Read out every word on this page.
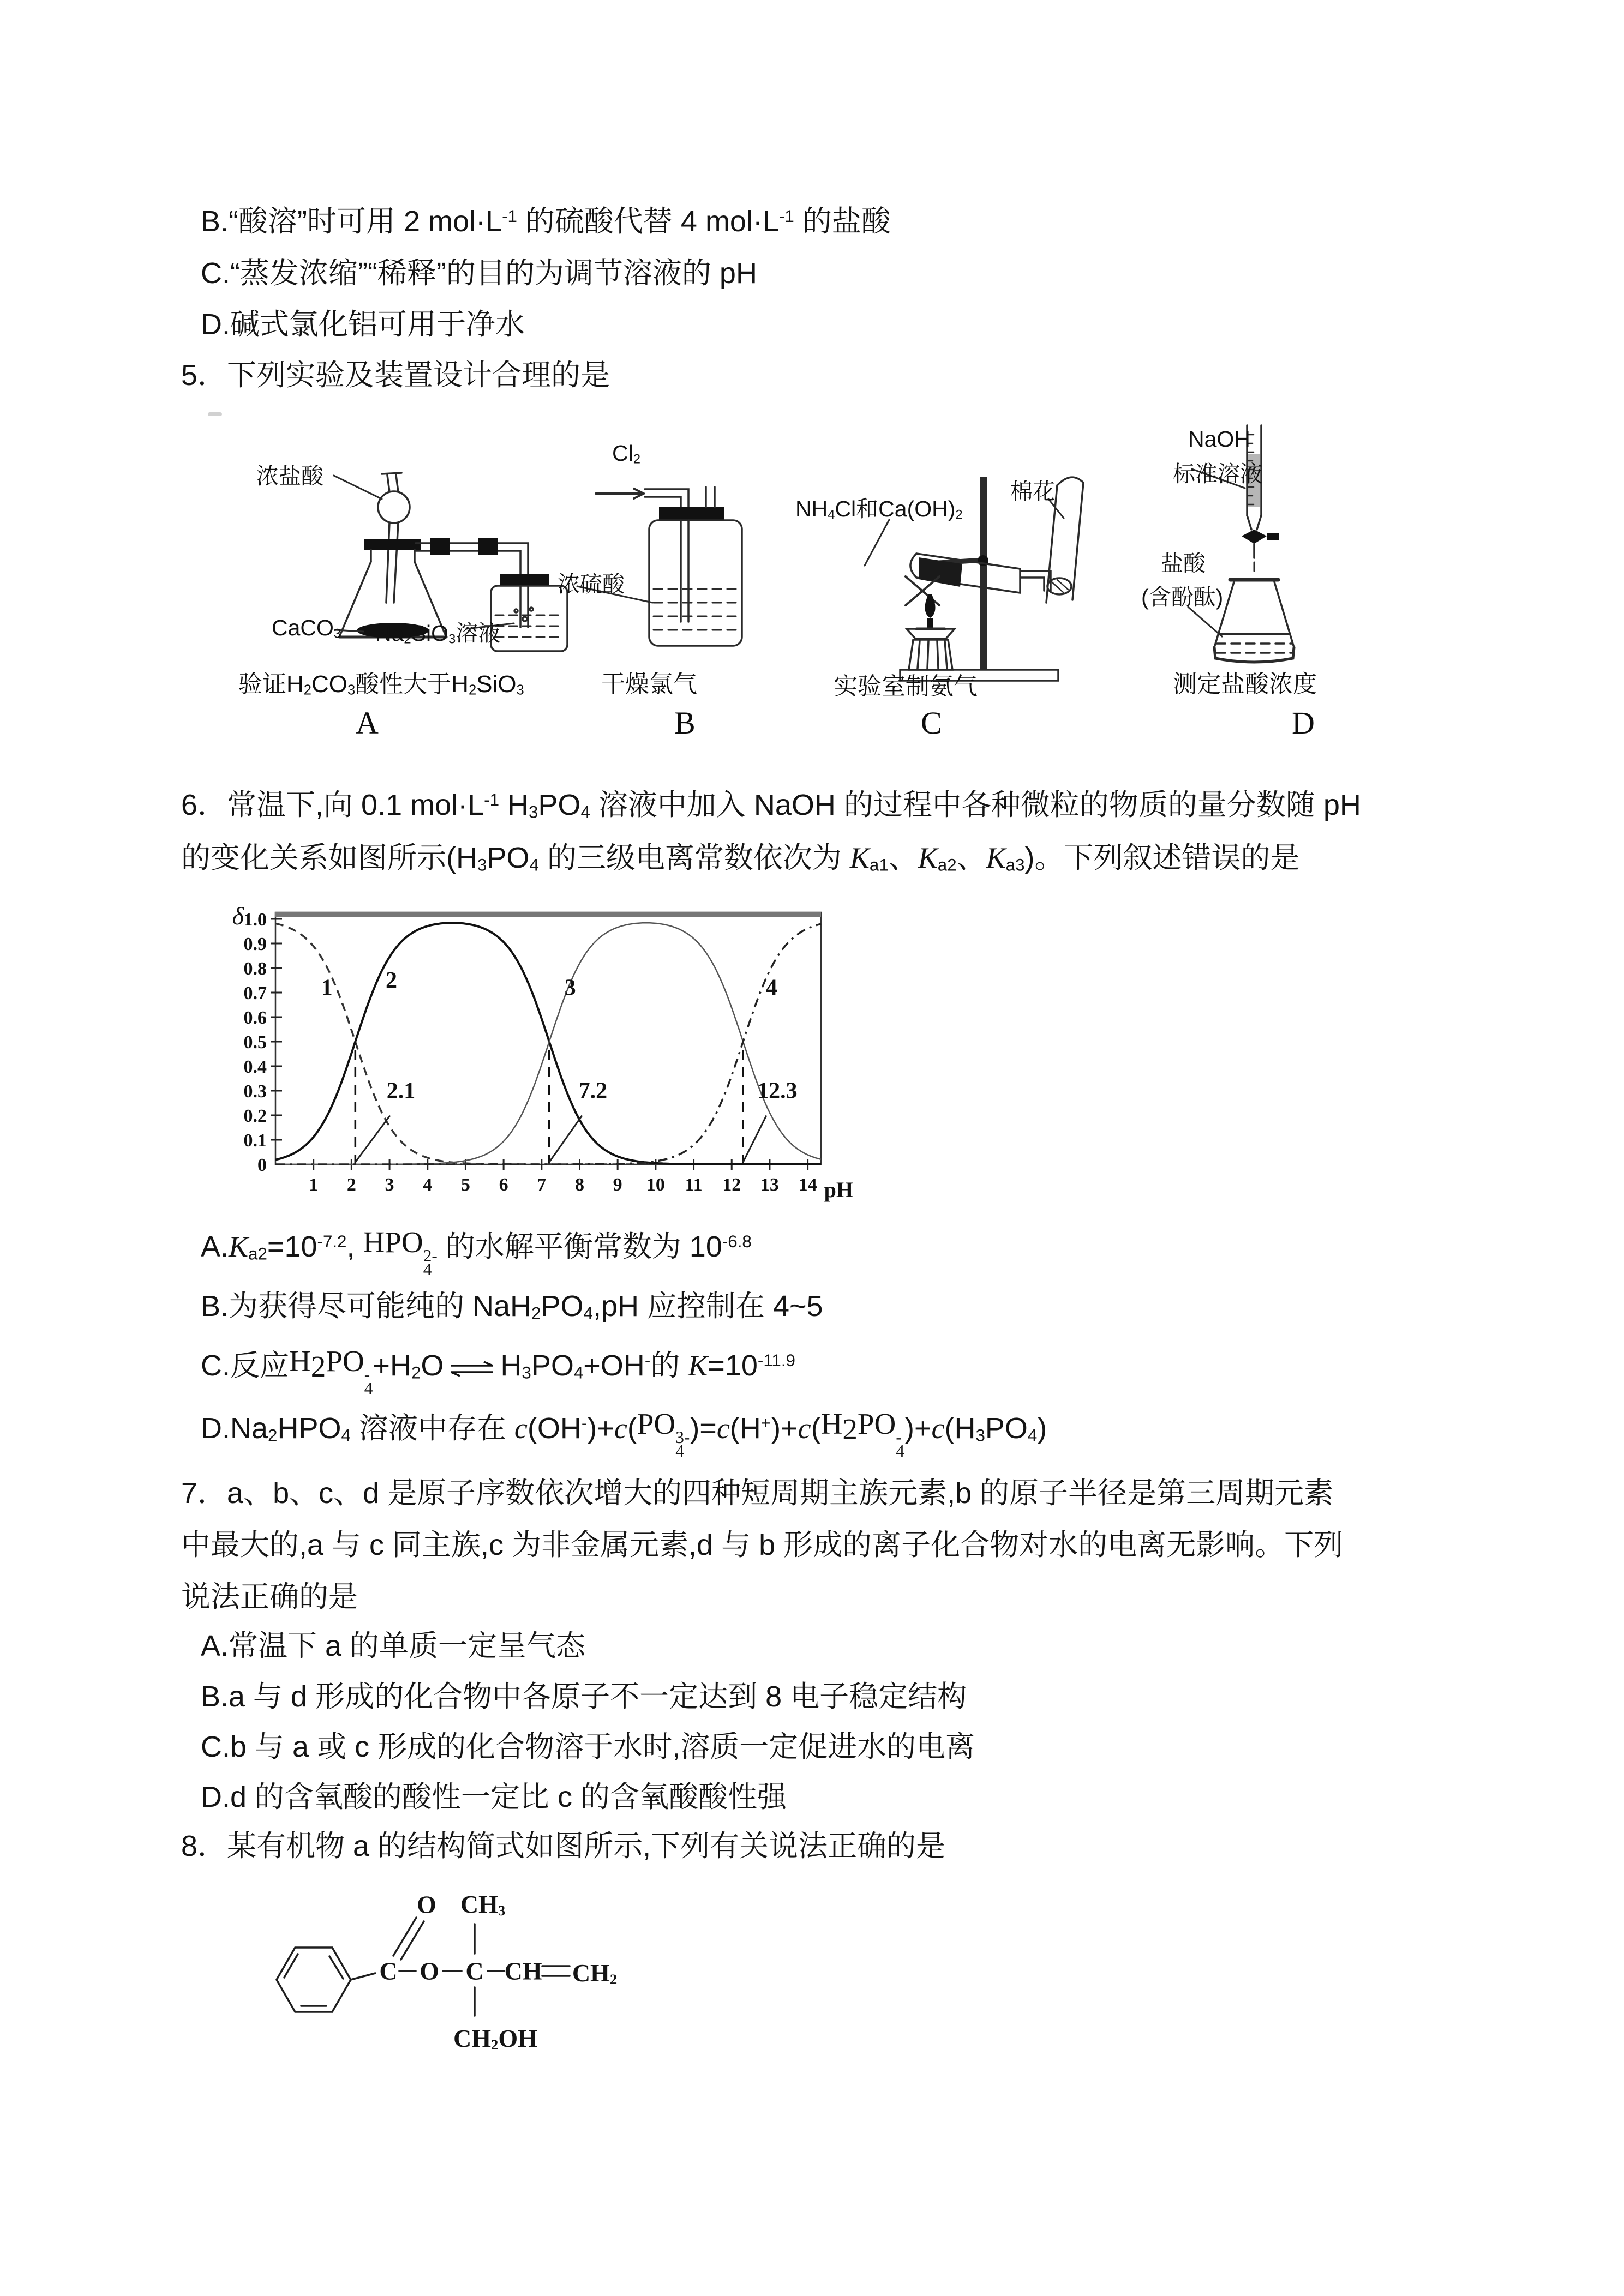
B.“酸溶”时可用 2 $mol\cdot L^{-1}$ 的硫酸代替 4 $mol\cdot L^{-1}$ 的盐酸
C.“蒸发浓缩”“稀释”的目的为调节溶液的 pH
D.碱式氯化铝可用于净水
5．下列实验及装置设计合理的是
浓盐酸
CaCO3 Na2SiO3溶液
验证H2CO3酸性大于H2SiO3
A
Cl2
浓硫酸
干燥氯气
B
NH4Cl和Ca(OH)2
棉花
实验室制氨气
C
NaOH
标准溶液
盐酸
(含酚酞)
测定盐酸浓度
D
6．常温下,向 0.1 $mol\cdot L^{-1}$ H3PO4 溶液中加入 NaOH 的过程中各种微粒的物质的量分数随 pH
的变化关系如图所示(H3PO4 的三级电离常数依次为 Ka1、Ka2、Ka3)。下列叙述错误的是
0
0.1
0.2
0.3
0.4
0.5
0.6
0.7
0.8
0.9
1.0
1 2 3 4 5 6 7 8 9 10 11 12 13 14
1 2	3	4
2.1	7.2	12.3
δ
pH
$A.Ka2=10^{-7.2}$, HPO 2-
4
的水解平衡常数为 $10^{-6.8}$
B.为获得尽可能纯的 NaH2PO4,pH 应控制在 4~5
C.反应H2PO -
4
+H2O ⇌ H3PO4+OH-的 $K=10^{-11.9}$
D.Na2HPO4 溶液中存在 c(OH-)+c(PO 3-
4
)=c(H+)+c(H2PO -
4
)+c(H3PO4)
7．a、b、c、d 是原子序数依次增大的四种短周期主族元素,b 的原子半径是第三周期元素
中最大的,a 与 c 同主族,c 为非金属元素,d 与 b 形成的离子化合物对水的电离无影响。下列
说法正确的是
A.常温下 a 的单质一定呈气态
B.a 与 d 形成的化合物中各原子不一定达到 8 电子稳定结构
C.b 与 a 或 c 形成的化合物溶于水时,溶质一定促进水的电离
D.d 的含氧酸的酸性一定比 c 的含氧酸酸性强
8．某有机物 a 的结构简式如图所示,下列有关说法正确的是
O
C O C
CH3
CH CH2
CH2OH
